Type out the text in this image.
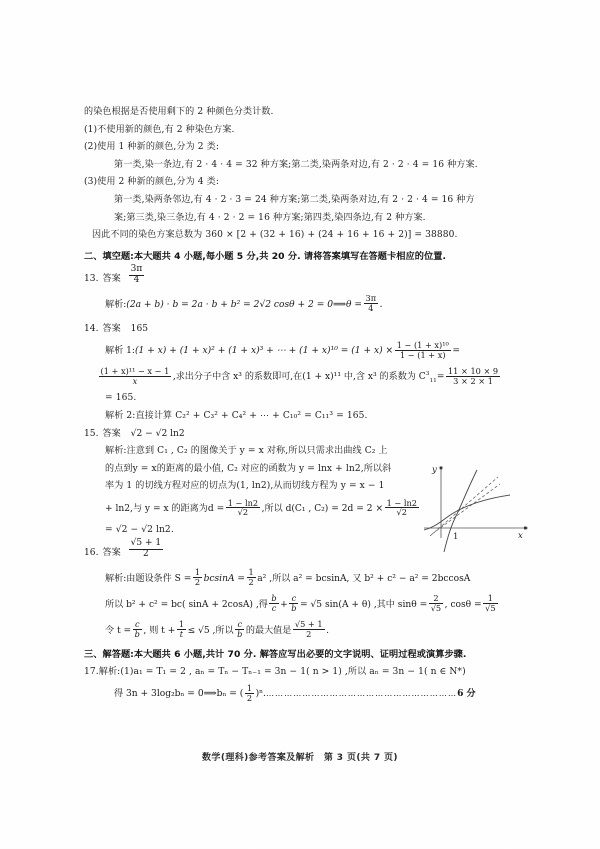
的染色根据是否使用剩下的 2 种颜色分类计数.
(1)不使用新的颜色,有 2 种染色方案.
(2)使用 1 种新的颜色,分为 2 类:
第一类,染一条边,有 2 · 4 · 4 = 32 种方案;第二类,染两条对边,有 2 · 2 · 4 = 16 种方案.
(3)使用 2 种新的颜色,分为 4 类:
第一类,染两条邻边,有 4 · 2 · 3 = 24 种方案;第二类,染两条对边,有 2 · 2 · 4 = 16 种方
案;第三类,染三条边,有 4 · 2 · 2 = 16 种方案;第四类,染四条边,有 2 种方案.
因此不同的染色方案总数为 360 × [2 + (32 + 16) + (24 + 16 + 16 + 2)] = 38880.
二、填空题:本大题共 4 小题,每小题 5 分,共 20 分. 请将答案填写在答题卡相应的位置.
13. 答案 $\frac{3\pi}{4}$
解析:(2a + b) · b = 2a · b + b² = 2√2 cosθ + 2 = 0⟹θ = $\frac{3\pi}{4}$ .
14. 答案 165
解析 1:(1 + x) + (1 + x)² + (1 + x)³ + ⋯ + $(1 + x)^{10} = (1 + x) \times \frac{\text{1 − (1 + x)¹⁰}}{1 - (1 + x)}$ =
$\frac{\text{(1 + x)¹¹ − x − 1}}{x}$ ,求出分子中含 x³ 的系数即可,在(1 + x)¹¹ 中,含 x³ 的系数为 $C^3_{11}= \frac{11 \times 10 \times 9}{3 \times 2 \times 1}$
= 165.
解析 2:直接计算 C₂² + C₃² + C₄² + ⋯ + C₁₀² = C₁₁³ = 165.
15. 答案 √2 − √2 ln2
解析:注意到 C₁ , C₂ 的图像关于 y = x 对称,所以只需求出曲线 C₂ 上
的点到y = x的距离的最小值, C₂ 对应的函数为 y = lnx + ln2,所以斜
率为 1 的切线方程对应的切点为(1, ln2),从而切线方程为 y = x − 1
+ ln2,与 y = x 的距离为$d = \frac{1 - \ln 2}{√2}$ ,所以 d(C₁ , $C_2) = 2d = 2 \times \frac{1 - \ln 2}{√2}$
= √2 − √2 ln2.
16. 答案 $\frac{√5 + 1}{2}$
解析:由题设条件 $S = \frac{1}{2}$ $bcsinA = \frac{1}{2} a^2$ ,所以 a² = bcsinA, 又 b² + c² − a² = 2bccosA
所以 b² + c² = bc( sinA + 2cosA) ,得 $\frac{b}{c} + \frac{c}{b} = √5$ sin(A + θ) ,其中 $\sin\theta = \frac{2}{√5}$ , $\cos\theta = \frac{1}{√5}$
令 $t = \frac{c}{b}$ , 则 $t + \frac{1}{t} \le √5$ ,所以 $\frac{c}{b}$ 的最大值是 $\frac{√5 + 1}{2}$ .
三、解答题:本大题共 6 小题,共计 70 分. 解答应写出必要的文字说明、证明过程或演算步骤.
17.解析:(1)a₁ = T₁ = 2 , aₙ = Tₙ − Tₙ₋₁ = 3n − 1( n > 1) ,所以 aₙ = 3n − 1( n ∈ N*)
得 3n + 3log₂bₙ = 0⟹bₙ = ( $\frac{1}{2}$ )ⁿ.………………………………………………………6 分
1
y
x
数学(理科)参考答案及解析　第 3 页(共 7 页)
